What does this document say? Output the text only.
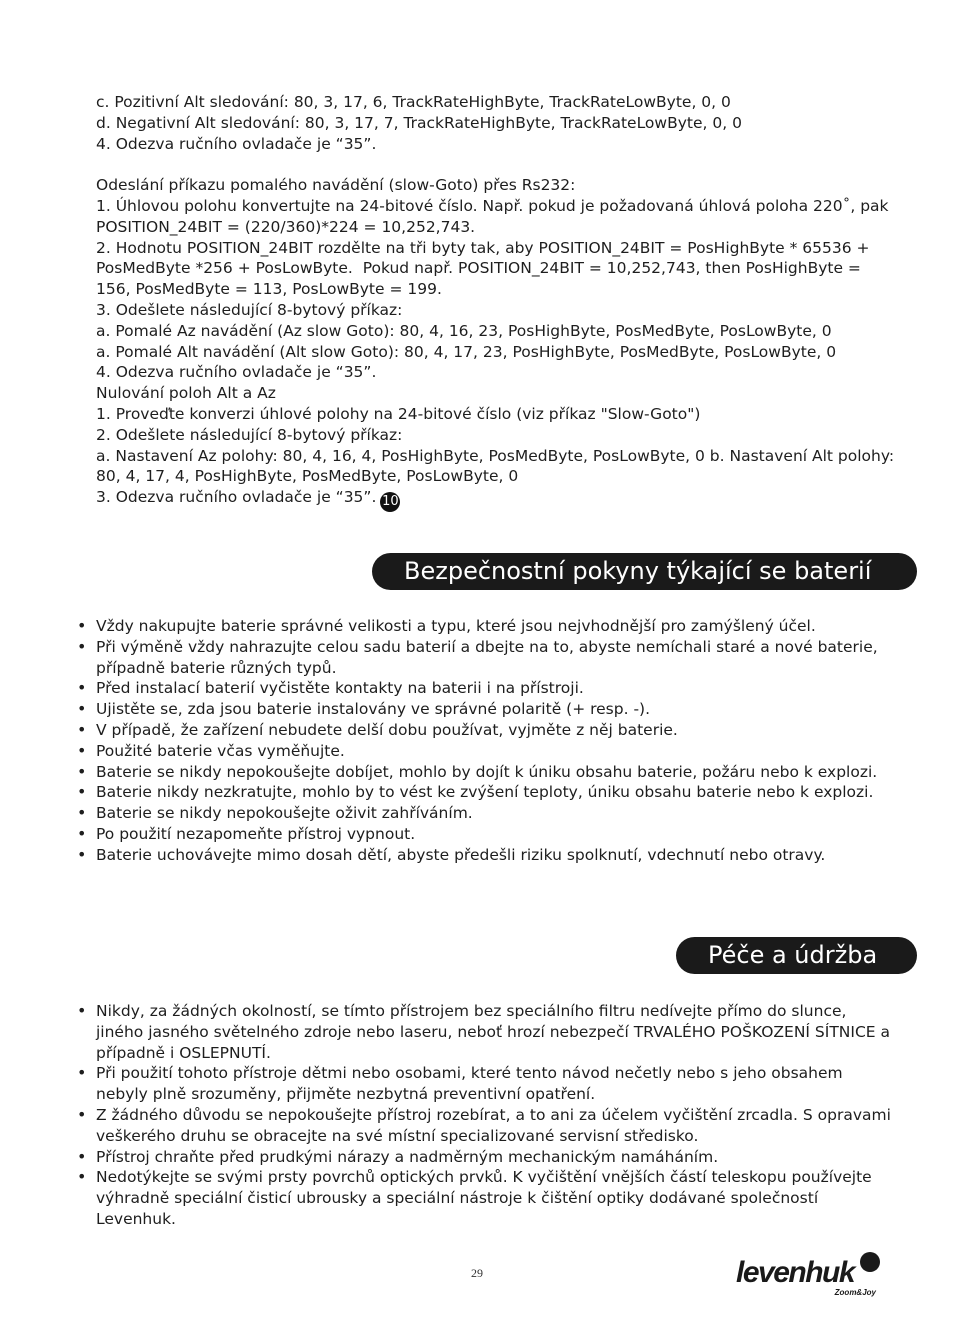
c. Pozitivní Alt sledování: 80, 3, 17, 6, TrackRateHighByte, TrackRateLowByte, 0, 0

d. Negativní Alt sledování: 80, 3, 17, 7, TrackRateHighByte, TrackRateLowByte, 0, 0

4. Odezva ručního ovladače je “35”.

Odeslání příkazu pomalého navádění (slow-Goto) přes Rs232:

1. Úhlovou polohu konvertujte na 24-bitové číslo. Např. pokud je požadovaná úhlová poloha 220˚, pak POSITION_24BIT = (220/360)*224 = 10,252,743.

2. Hodnotu POSITION_24BIT rozdělte na tři byty tak, aby POSITION_24BIT = PosHighByte * 65536 + PosMedByte *256 + PosLowByte.  Pokud např. POSITION_24BIT = 10,252,743, then PosHighByte = 156, PosMedByte = 113, PosLowByte = 199.

3. Odešlete následující 8-bytový příkaz:

a. Pomalé Az navádění (Az slow Goto): 80, 4, 16, 23, PosHighByte, PosMedByte, PosLowByte, 0

a. Pomalé Alt navádění (Alt slow Goto): 80, 4, 17, 23, PosHighByte, PosMedByte, PosLowByte, 0

4. Odezva ručního ovladače je “35”.

Nulování poloh Alt a Az

1. Proveďte konverzi úhlové polohy na 24-bitové číslo (viz příkaz "Slow-Goto")

2. Odešlete následující 8-bytový příkaz:

a. Nastavení Az polohy: 80, 4, 16, 4, PosHighByte, PosMedByte, PosLowByte, 0 b. Nastavení Alt polohy: 80, 4, 17, 4, PosHighByte, PosMedByte, PosLowByte, 0

3. Odezva ručního ovladače je “35”. 10

Bezpečnostní pokyny týkající se baterií
• Vždy nakupujte baterie správné velikosti a typu, které jsou nejvhodnější pro zamýšlený účel.
• Při výměně vždy nahrazujte celou sadu baterií a dbejte na to, abyste nemíchali staré a nové baterie, případně baterie různých typů.
• Před instalací baterií vyčistěte kontakty na baterii i na přístroji.
• Ujistěte se, zda jsou baterie instalovány ve správné polaritě (+ resp. -).
• V případě, že zařízení nebudete delší dobu používat, vyjměte z něj baterie.
• Použité baterie včas vyměňujte.
• Baterie se nikdy nepokoušejte dobíjet, mohlo by dojít k úniku obsahu baterie, požáru nebo k explozi.
• Baterie nikdy nezkratujte, mohlo by to vést ke zvýšení teploty, úniku obsahu baterie nebo k explozi.
• Baterie se nikdy nepokoušejte oživit zahříváním.
• Po použití nezapomeňte přístroj vypnout.
• Baterie uchovávejte mimo dosah dětí, abyste předešli riziku spolknutí, vdechnutí nebo otravy.
Péče a údržba
• Nikdy, za žádných okolností, se tímto přístrojem bez speciálního filtru nedívejte přímo do slunce, jiného jasného světelného zdroje nebo laseru, neboť hrozí nebezpečí TRVALÉHO POŠKOZENÍ SÍTNICE a případně i OSLEPNUTÍ.
• Při použití tohoto přístroje dětmi nebo osobami, které tento návod nečetly nebo s jeho obsahem nebyly plně srozuměny, přijměte nezbytná preventivní opatření.
• Z žádného důvodu se nepokoušejte přístroj rozebírat, a to ani za účelem vyčištění zrcadla. S opravami veškerého druhu se obracejte na své místní specializované servisní středisko.
• Přístroj chraňte před prudkými nárazy a nadměrným mechanickým namáháním.
• Nedotýkejte se svými prsty povrchů optických prvků. K vyčištění vnějších částí teleskopu používejte výhradně speciální čisticí ubrousky a speciální nástroje k čištění optiky dodávané společností Levenhuk.
29	levenhuk
Zoom&Joy
